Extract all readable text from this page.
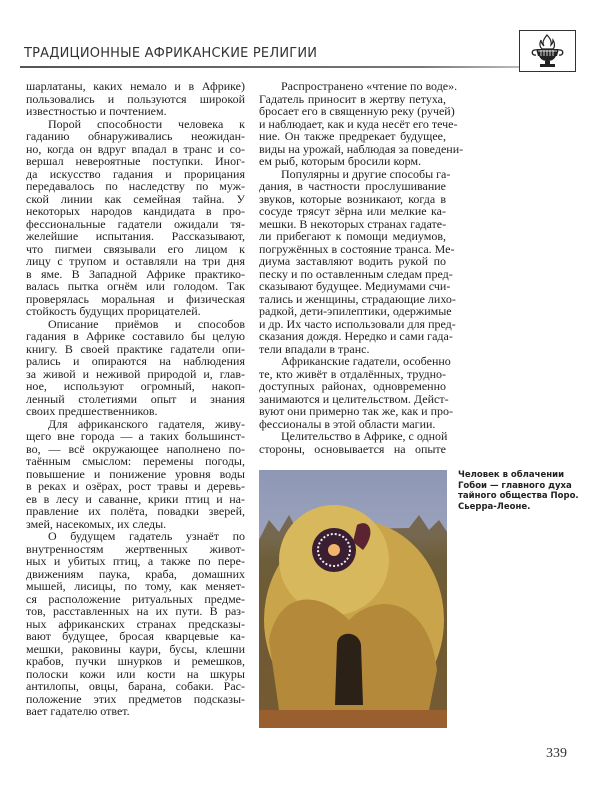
ТРАДИЦИОННЫЕ АФРИКАНСКИЕ РЕЛИГИИ
шарлатаны, каких немало и в Африке)
пользовались и пользуются широкой
известностью и почтением.
Порой способности человека к
гаданию обнаруживались неожидан-
но, когда он вдруг впадал в транс и со-
вершал невероятные поступки. Иног-
да искусство гадания и прорицания
передавалось по наследству по муж-
ской линии как семейная тайна. У
некоторых народов кандидата в про-
фессиональные гадатели ожидали тя-
желейшие испытания. Рассказывают,
что пигмеи связывали его лицом к
лицу с трупом и оставляли на три дня
в яме. В Западной Африке практико-
валась пытка огнём или голодом. Так
проверялась моральная и физическая
стойкость будущих прорицателей.
Описание приёмов и способов
гадания в Африке составило бы целую
книгу. В своей практике гадатели опи-
рались и опираются на наблюдения
за живой и неживой природой и, глав-
ное, используют огромный, накоп-
ленный столетиями опыт и знания
своих предшественников.
Для африканского гадателя, живу-
щего вне города — а таких большинст-
во, — всё окружающее наполнено по-
таённым смыслом: перемены погоды,
повышение и понижение уровня воды
в реках и озёрах, рост травы и деревь-
ев в лесу и саванне, крики птиц и на-
правление их полёта, повадки зверей,
змей, насекомых, их следы.
О будущем гадатель узнаёт по
внутренностям жертвенных живот-
ных и убитых птиц, а также по пере-
движениям паука, краба, домашних
мышей, лисицы, по тому, как меняет-
ся расположение ритуальных предме-
тов, расставленных на их пути. В раз-
ных африканских странах предсказы-
вают будущее, бросая кварцевые ка-
мешки, раковины каури, бусы, клешни
крабов, пучки шнурков и ремешков,
полоски кожи или кости на шкуры
антилопы, овцы, барана, собаки. Рас-
положение этих предметов подсказы-
вает гадателю ответ.
Распространено «чтение по воде».
Гадатель приносит в жертву петуха,
бросает его в священную реку (ручей)
и наблюдает, как и куда несёт его тече-
ние. Он также предрекает будущее,
виды на урожай, наблюдая за поведени-
ем рыб, которым бросили корм.
Популярны и другие способы га-
дания, в частности прослушивание
звуков, которые возникают, когда в
сосуде трясут зёрна или мелкие ка-
мешки. В некоторых странах гадате-
ли прибегают к помощи медиумов,
погружённых в состояние транса. Ме-
диума заставляют водить рукой по
песку и по оставленным следам пред-
сказывают будущее. Медиумами счи-
тались и женщины, страдающие лихо-
радкой, дети-эпилептики, одержимые
и др. Их часто использовали для пред-
сказания дождя. Нередко и сами гада-
тели впадали в транс.
Африканские гадатели, особенно
те, кто живёт в отдалённых, трудно-
доступных районах, одновременно
занимаются и целительством. Дейст-
вуют они примерно так же, как и про-
фессионалы в этой области магии.
Целительство в Африке, с одной
стороны, основывается на опыте
Человек в облачении
Гобои — главного духа
тайного общества Поро.
Сьерра-Леоне.
339
